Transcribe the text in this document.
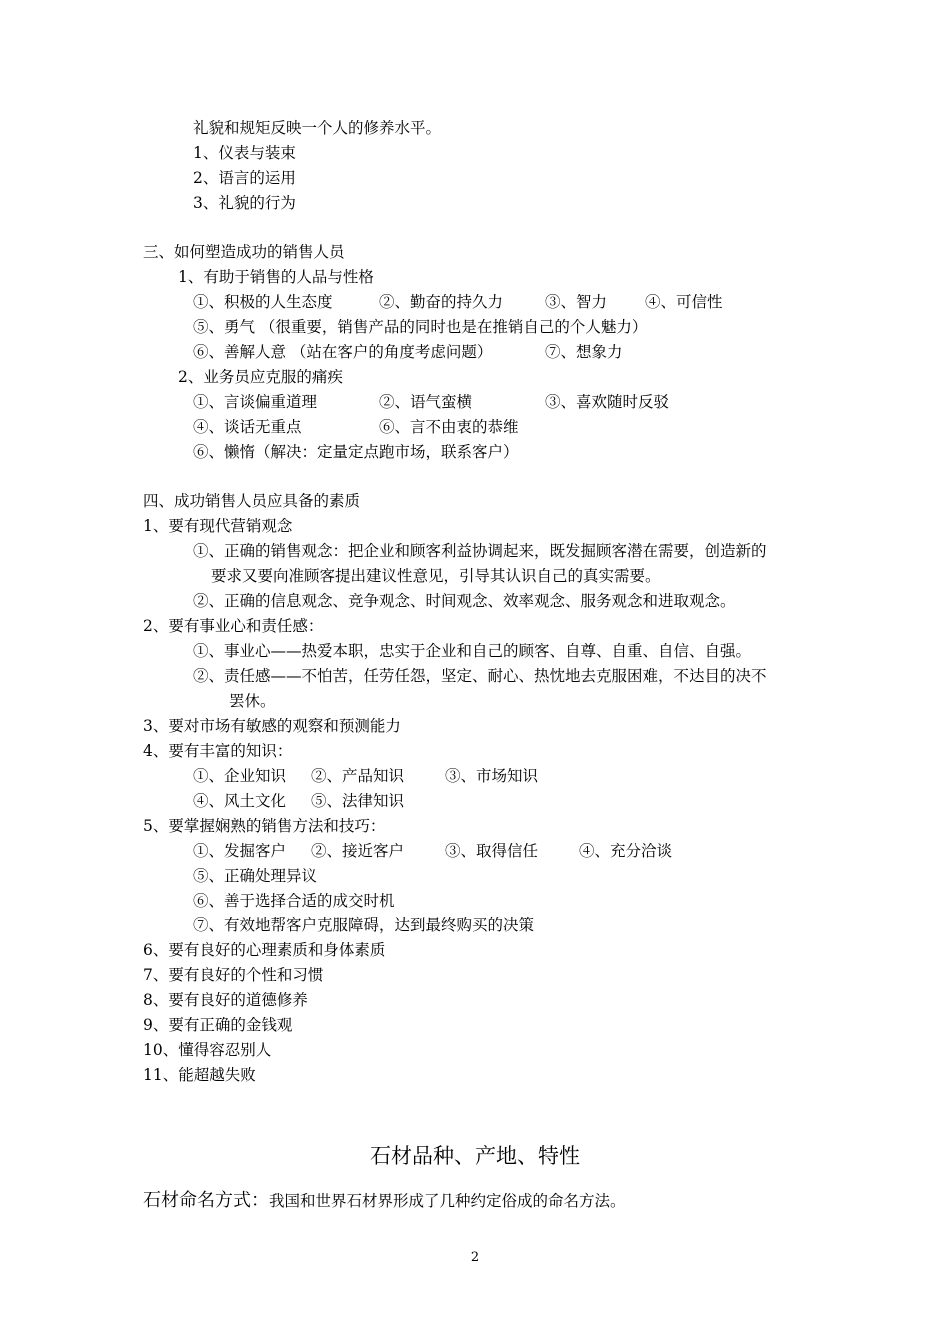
礼貌和规矩反映一个人的修养水平。
1、仪表与装束
2、语言的运用
3、礼貌的行为
三、如何塑造成功的销售人员
1、有助于销售的人品与性格
①、积极的人生态度	②、勤奋的持久力	③、智力 ④、可信性
⑤、勇气 （很重要，销售产品的同时也是在推销自己的个人魅力）
⑥、善解人意 （站在客户的角度考虑问题）	⑦、想象力
2、业务员应克服的痛疾
①、言谈偏重道理	②、语气蛮横	③、喜欢随时反驳
④、谈话无重点	⑥、言不由衷的恭维
⑥、懒惰（解决：定量定点跑市场，联系客户）
四、成功销售人员应具备的素质
1、要有现代营销观念
①、正确的销售观念：把企业和顾客利益协调起来，既发掘顾客潜在需要，创造新的
要求又要向准顾客提出建议性意见，引导其认识自己的真实需要。
②、正确的信息观念、竞争观念、时间观念、效率观念、服务观念和进取观念。
2、要有事业心和责任感：
①、事业心——热爱本职，忠实于企业和自己的顾客、自尊、自重、自信、自强。
②、责任感——不怕苦，任劳任怨，坚定、耐心、热忱地去克服困难，不达目的决不
罢休。
3、要对市场有敏感的观察和预测能力
4、要有丰富的知识：
①、企业知识 ②、产品知识	③、市场知识
④、风土文化 ⑤、法律知识
5、要掌握娴熟的销售方法和技巧：
①、发掘客户 ②、接近客户	③、取得信任	④、充分洽谈
⑤、正确处理异议
⑥、善于选择合适的成交时机
⑦、有效地帮客户克服障碍，达到最终购买的决策
6、要有良好的心理素质和身体素质
7、要有良好的个性和习惯
8、要有良好的道德修养
9、要有正确的金钱观
10、懂得容忍别人
11、能超越失败
石材品种、产地、特性
石材命名方式：我国和世界石材界形成了几种约定俗成的命名方法。
2
